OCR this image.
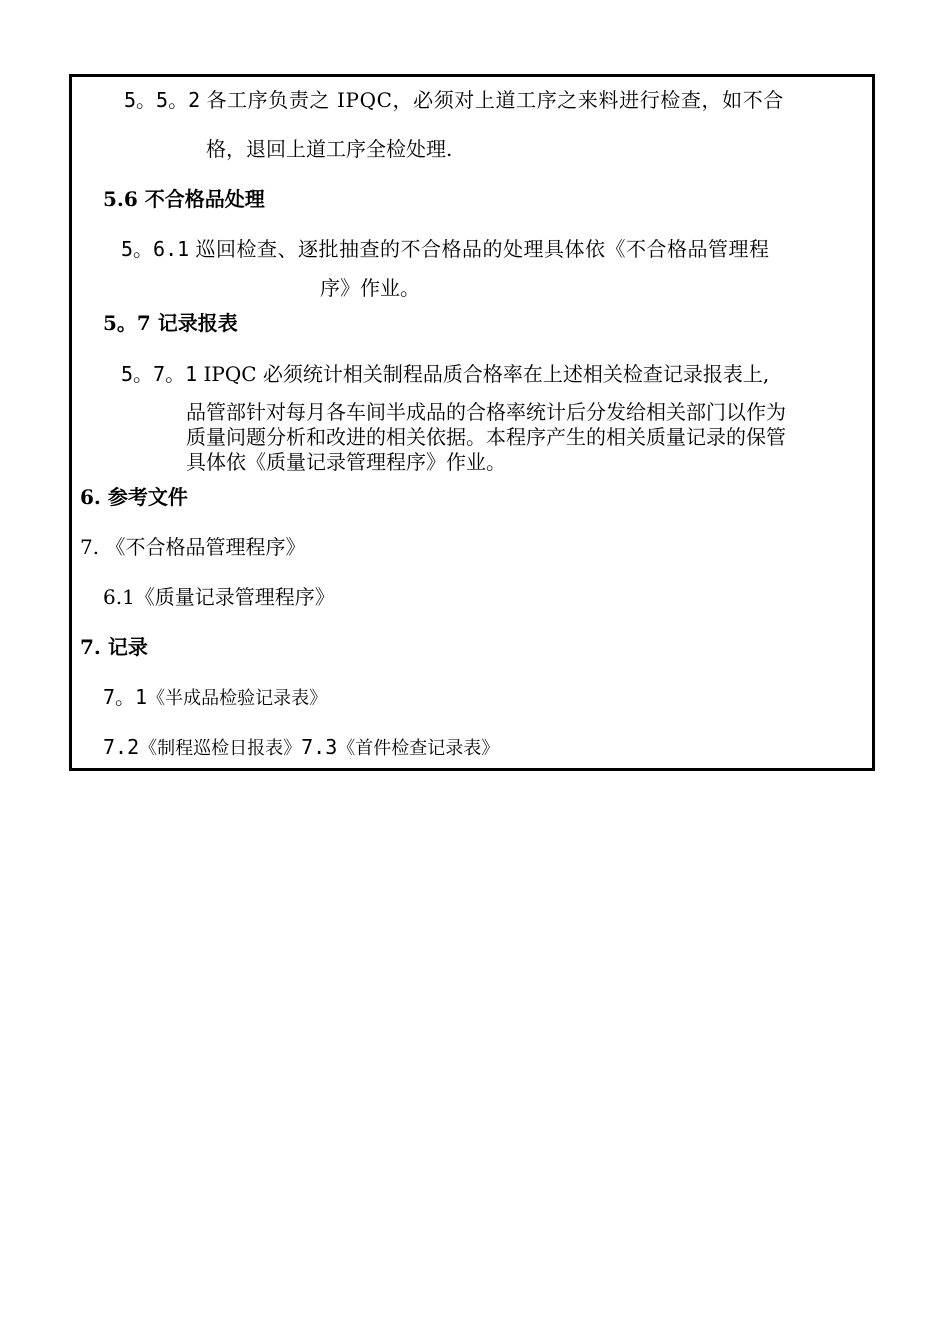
5。5。2 各工序负责之 IPQC，必须对上道工序之来料进行检查，如不合
格，退回上道工序全检处理.
5.6 不合格品处理
5。6.1 巡回检查、逐批抽查的不合格品的处理具体依《不合格品管理程
序》作业。
5。7 记录报表
5。7。1 IPQC 必须统计相关制程品质合格率在上述相关检查记录报表上,
品管部针对每月各车间半成品的合格率统计后分发给相关部门以作为
质量问题分析和改进的相关依据。本程序产生的相关质量记录的保管
具体依《质量记录管理程序》作业。
6. 参考文件
7. 《不合格品管理程序》
6.1《质量记录管理程序》
7. 记录
7。1《半成品检验记录表》
7.2《制程巡检日报表》7.3《首件检查记录表》
